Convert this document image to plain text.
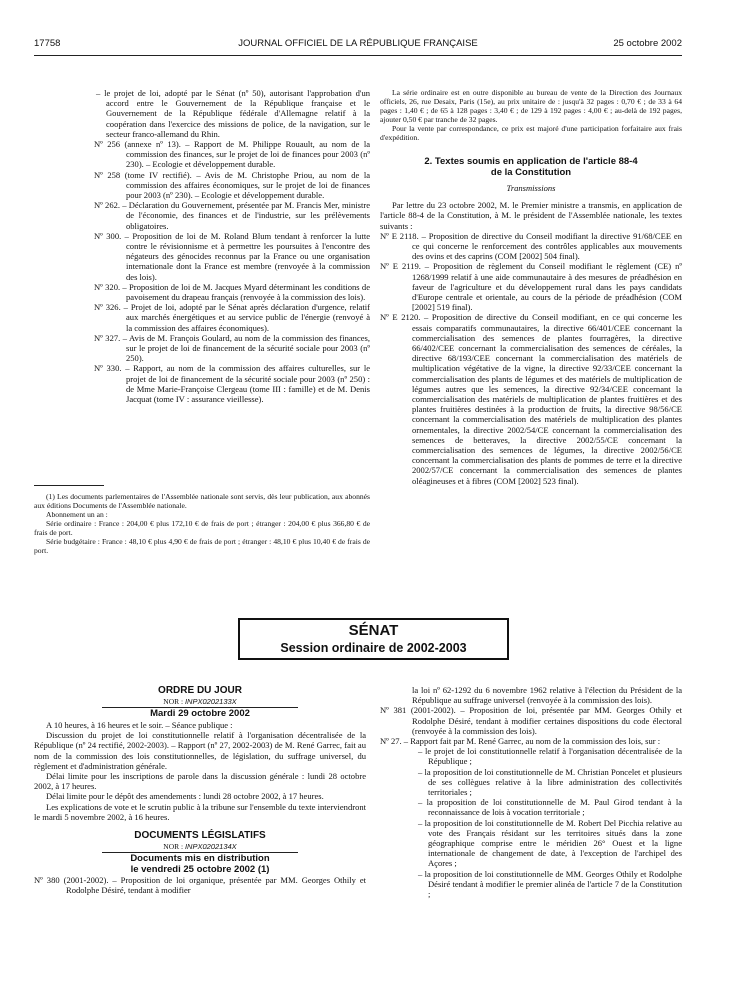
17758	JOURNAL OFFICIEL DE LA RÉPUBLIQUE FRANÇAISE	25 octobre 2002

– le projet de loi, adopté par le Sénat (nº 50), autorisant l'approbation d'un accord entre le Gouvernement de la République française et le Gouvernement de la République fédérale d'Allemagne relatif à la coopération dans l'exercice des missions de police, de la navigation, sur le secteur franco-allemand du Rhin.

Nº 256 (annexe nº 13). – Rapport de M. Philippe Rouault, au nom de la commission des finances, sur le projet de loi de finances pour 2003 (nº 230). – Ecologie et développement durable.

Nº 258 (tome IV rectifié). – Avis de M. Christophe Priou, au nom de la commission des affaires économiques, sur le projet de loi de finances pour 2003 (nº 230). – Ecologie et développement durable.

Nº 262. – Déclaration du Gouvernement, présentée par M. Francis Mer, ministre de l'économie, des finances et de l'industrie, sur les prélèvements obligatoires.

Nº 300. – Proposition de loi de M. Roland Blum tendant à renforcer la lutte contre le révisionnisme et à permettre les poursuites à l'encontre des négateurs des génocides reconnus par la France ou une organisation internationale dont la France est membre (renvoyée à la commission des lois).

Nº 320. – Proposition de loi de M. Jacques Myard déterminant les conditions de pavoisement du drapeau français (renvoyée à la commission des lois).

Nº 326. – Projet de loi, adopté par le Sénat après déclaration d'urgence, relatif aux marchés énergétiques et au service public de l'énergie (renvoyé à la commission des affaires économiques).

Nº 327. – Avis de M. François Goulard, au nom de la commission des finances, sur le projet de loi de financement de la sécurité sociale pour 2003 (nº 250).

Nº 330. – Rapport, au nom de la commission des affaires culturelles, sur le projet de loi de financement de la sécurité sociale pour 2003 (nº 250) : de Mme Marie-Françoise Clergeau (tome III : famille) et de M. Denis Jacquat (tome IV : assurance vieillesse).

(1) Les documents parlementaires de l'Assemblée nationale sont servis, dès leur publication, aux abonnés aux éditions Documents de l'Assemblée nationale.

Abonnement un an :

Série ordinaire : France : 204,00 € plus 172,10 € de frais de port ; étranger : 204,00 € plus 366,80 € de frais de port.

Série budgétaire : France : 48,10 € plus 4,90 € de frais de port ; étranger : 48,10 € plus 10,40 € de frais de port.

La série ordinaire est en outre disponible au bureau de vente de la Direction des Journaux officiels, 26, rue Desaix, Paris (15e), au prix unitaire de : jusqu'à 32 pages : 0,70 € ; de 33 à 64 pages : 1,40 € ; de 65 à 128 pages : 3,40 € ; de 129 à 192 pages : 4,00 € ; au-delà de 192 pages, ajouter 0,50 € par tranche de 32 pages.

Pour la vente par correspondance, ce prix est majoré d'une participation forfaitaire aux frais d'expédition.

2. Textes soumis en application de l'article 88-4

de la Constitution

Transmissions

Par lettre du 23 octobre 2002, M. le Premier ministre a transmis, en application de l'article 88-4 de la Constitution, à M. le président de l'Assemblée nationale, les textes suivants :

Nº E 2118. – Proposition de directive du Conseil modifiant la directive 91/68/CEE en ce qui concerne le renforcement des contrôles applicables aux mouvements des ovins et des caprins (COM [2002] 504 final).

Nº E 2119. – Proposition de règlement du Conseil modifiant le règlement (CE) nº 1268/1999 relatif à une aide communautaire à des mesures de préadhésion en faveur de l'agriculture et du développement rural dans les pays candidats d'Europe centrale et orientale, au cours de la période de préadhésion (COM [2002] 519 final).

Nº E 2120. – Proposition de directive du Conseil modifiant, en ce qui concerne les essais comparatifs communautaires, la directive 66/401/CEE concernant la commercialisation des semences de plantes fourragères, la directive 66/402/CEE concernant la commercialisation des semences de céréales, la directive 68/193/CEE concernant la commercialisation des matériels de multiplication végétative de la vigne, la directive 92/33/CEE concernant la commercialisation des plants de légumes et des matériels de multiplication de légumes autres que les semences, la directive 92/34/CEE concernant la commercialisation des matériels de multiplication de plantes fruitières et des plantes fruitières destinées à la production de fruits, la directive 98/56/CE concernant la commercialisation des matériels de multiplication des plantes ornementales, la directive 2002/54/CE concernant la commercialisation des semences de betteraves, la directive 2002/55/CE concernant la commercialisation des semences de légumes, la directive 2002/56/CE concernant la commercialisation des plants de pommes de terre et la directive 2002/57/CE concernant la commercialisation des semences de plantes oléagineuses et à fibres (COM [2002] 523 final).

SÉNAT
Session ordinaire de 2002-2003

ORDRE DU JOUR

NOR : INPX0202133X

Mardi 29 octobre 2002

A 10 heures, à 16 heures et le soir. – Séance publique :

Discussion du projet de loi constitutionnelle relatif à l'organisation décentralisée de la République (nº 24 rectifié, 2002-2003). – Rapport (nº 27, 2002-2003) de M. René Garrec, fait au nom de la commission des lois constitutionnelles, de législation, du suffrage universel, du règlement et d'administration générale.

Délai limite pour les inscriptions de parole dans la discussion générale : lundi 28 octobre 2002, à 17 heures.

Délai limite pour le dépôt des amendements : lundi 28 octobre 2002, à 17 heures.

Les explications de vote et le scrutin public à la tribune sur l'ensemble du texte interviendront le mardi 5 novembre 2002, à 16 heures.

DOCUMENTS LÉGISLATIFS

NOR : INPX0202134X

Documents mis en distribution

le vendredi 25 octobre 2002 (1)

Nº 380 (2001-2002). – Proposition de loi organique, présentée par MM. Georges Othily et Rodolphe Désiré, tendant à modifier

la loi nº 62-1292 du 6 novembre 1962 relative à l'élection du Président de la République au suffrage universel (renvoyée à la commission des lois).

Nº 381 (2001-2002). – Proposition de loi, présentée par MM. Georges Othily et Rodolphe Désiré, tendant à modifier certaines dispositions du code électoral (renvoyée à la commission des lois).

Nº 27. – Rapport fait par M. René Garrec, au nom de la commission des lois, sur :

– le projet de loi constitutionnelle relatif à l'organisation décentralisée de la République ;

– la proposition de loi constitutionnelle de M. Christian Poncelet et plusieurs de ses collègues relative à la libre administration des collectivités territoriales ;

– la proposition de loi constitutionnelle de M. Paul Girod tendant à la reconnaissance de lois à vocation territoriale ;

– la proposition de loi constitutionnelle de M. Robert Del Picchia relative au vote des Français résidant sur les territoires situés dans la zone géographique comprise entre le méridien 26° Ouest et la ligne internationale de changement de date, à l'exception de l'archipel des Açores ;

– la proposition de loi constitutionnelle de MM. Georges Othily et Rodolphe Désiré tendant à modifier le premier alinéa de l'article 7 de la Constitution ;
